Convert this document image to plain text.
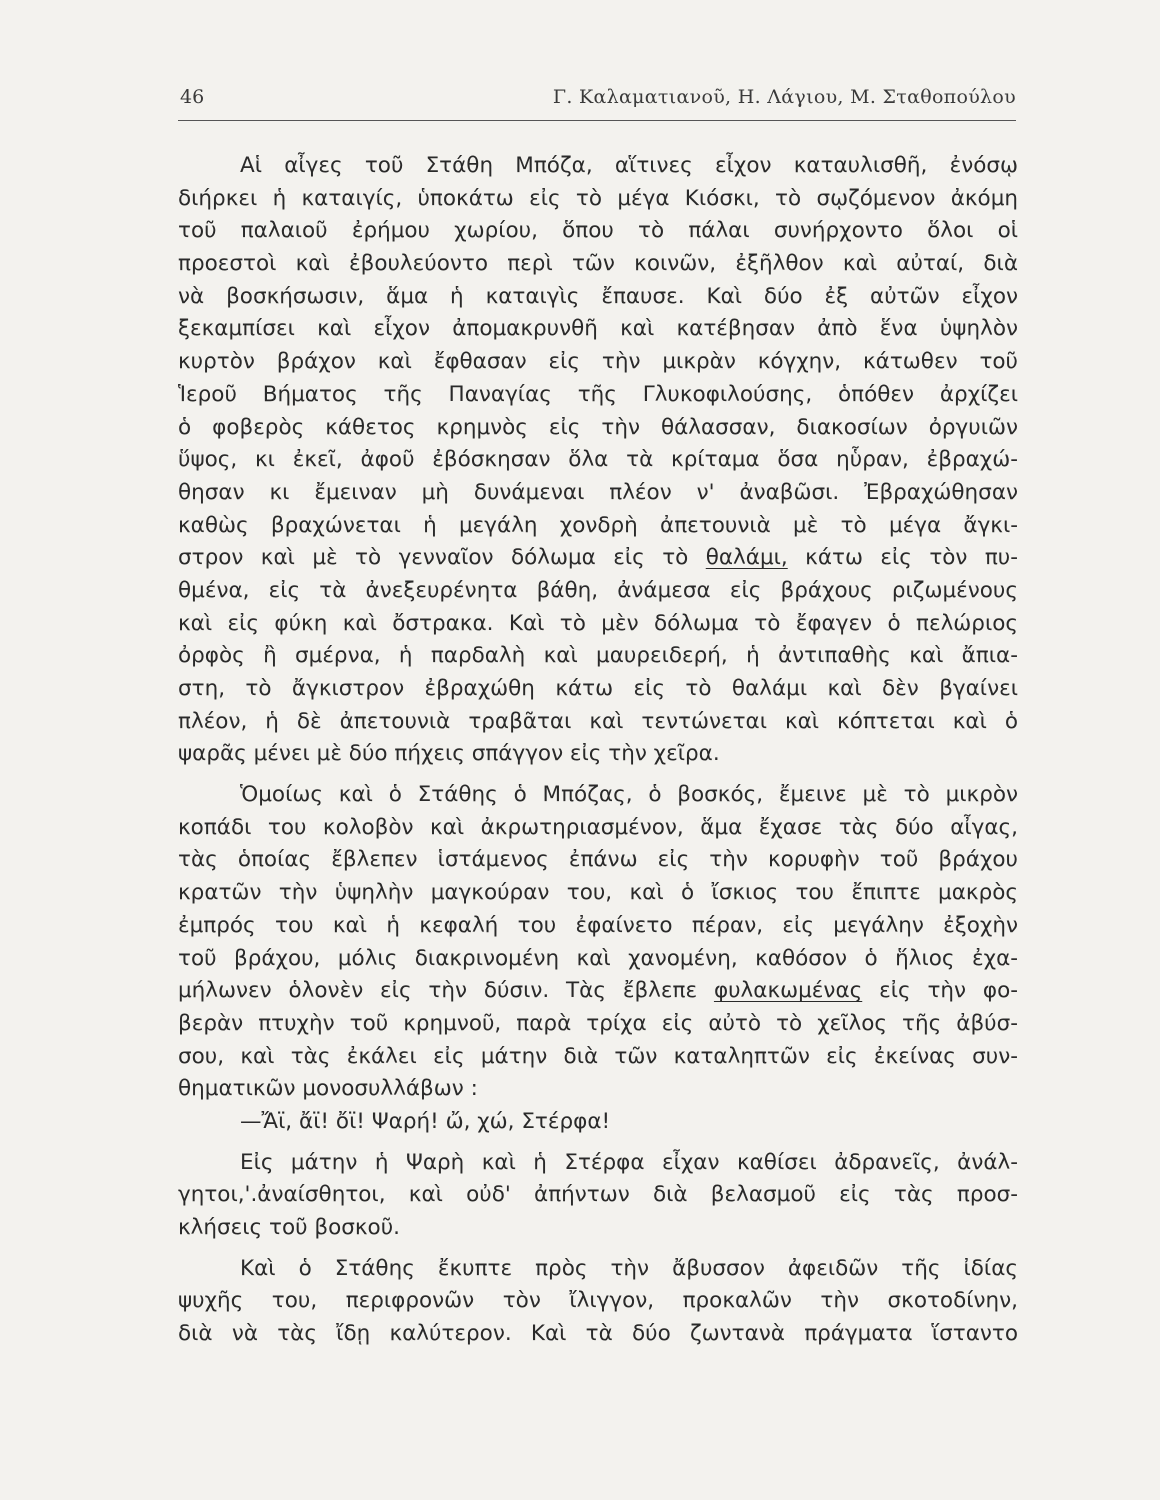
46	Γ. Καλαματιανοῦ, Η. Λάγιου, Μ. Σταθοπούλου
Αἱ αἶγες τοῦ Στάθη Μπόζα, αἵτινες εἶχον καταυλισθῆ, ἐνόσῳ
διήρκει ἡ καταιγίς, ὑποκάτω εἰς τὸ μέγα Κιόσκι, τὸ σῳζόμενον ἀκόμη
τοῦ παλαιοῦ ἐρήμου χωρίου, ὅπου τὸ πάλαι συνήρχοντο ὅλοι οἱ
προεστοὶ καὶ ἐβουλεύοντο περὶ τῶν κοινῶν, ἐξῆλθον καὶ αὐταί, διὰ
νὰ βοσκήσωσιν, ἅμα ἡ καταιγὶς ἔπαυσε. Καὶ δύο ἐξ αὐτῶν εἶχον
ξεκαμπίσει καὶ εἶχον ἀπομακρυνθῆ καὶ κατέβησαν ἀπὸ ἕνα ὑψηλὸν
κυρτὸν βράχον καὶ ἔφθασαν εἰς τὴν μικρὰν κόγχην, κάτωθεν τοῦ
Ἱεροῦ Βήματος τῆς Παναγίας τῆς Γλυκοφιλούσης, ὁπόθεν ἀρχίζει
ὁ φοβερὸς κάθετος κρημνὸς εἰς τὴν θάλασσαν, διακοσίων ὀργυιῶν
ὕψος, κι ἐκεῖ, ἀφοῦ ἐβόσκησαν ὅλα τὰ κρίταμα ὅσα ηὗραν, ἐβραχώ-
θησαν κι ἔμειναν μὴ δυνάμεναι πλέον ν' ἀναβῶσι. Ἐβραχώθησαν
καθὼς βραχώνεται ἡ μεγάλη χονδρὴ ἀπετουνιὰ μὲ τὸ μέγα ἄγκι-
στρον καὶ μὲ τὸ γενναῖον δόλωμα εἰς τὸ θαλάμι, κάτω εἰς τὸν πυ-
θμένα, εἰς τὰ ἀνεξευρένητα βάθη, ἀνάμεσα εἰς βράχους ριζωμένους
καὶ εἰς φύκη καὶ ὄστρακα. Καὶ τὸ μὲν δόλωμα τὸ ἔφαγεν ὁ πελώριος
ὀρφὸς ἢ σμέρνα, ἡ παρδαλὴ καὶ μαυρειδερή, ἡ ἀντιπαθὴς καὶ ἄπια-
στη, τὸ ἄγκιστρον ἐβραχώθη κάτω εἰς τὸ θαλάμι καὶ δὲν βγαίνει
πλέον, ἡ δὲ ἀπετουνιὰ τραβᾶται καὶ τεντώνεται καὶ κόπτεται καὶ ὁ
ψαρᾶς μένει μὲ δύο πήχεις σπάγγον εἰς τὴν χεῖρα.
Ὁμοίως καὶ ὁ Στάθης ὁ Μπόζας, ὁ βοσκός, ἔμεινε μὲ τὸ μικρὸν
κοπάδι του κολοβὸν καὶ ἀκρωτηριασμένον, ἅμα ἔχασε τὰς δύο αἶγας,
τὰς ὁποίας ἔβλεπεν ἱστάμενος ἐπάνω εἰς τὴν κορυφὴν τοῦ βράχου
κρατῶν τὴν ὑψηλὴν μαγκούραν του, καὶ ὁ ἴσκιος του ἔπιπτε μακρὸς
ἐμπρός του καὶ ἡ κεφαλή του ἐφαίνετο πέραν, εἰς μεγάλην ἐξοχὴν
τοῦ βράχου, μόλις διακρινομένη καὶ χανομένη, καθόσον ὁ ἥλιος ἐχα-
μήλωνεν ὁλονὲν εἰς τὴν δύσιν. Τὰς ἔβλεπε φυλακωμένας εἰς τὴν φο-
βερὰν πτυχὴν τοῦ κρημνοῦ, παρὰ τρίχα εἰς αὐτὸ τὸ χεῖλος τῆς ἀβύσ-
σου, καὶ τὰς ἐκάλει εἰς μάτην διὰ τῶν καταληπτῶν εἰς ἐκείνας συν-
θηματικῶν μονοσυλλάβων :
—Ἄϊ, ἄϊ! ὄϊ! Ψαρή! ὤ, χώ, Στέρφα!
Εἰς μάτην ἡ Ψαρὴ καὶ ἡ Στέρφα εἶχαν καθίσει ἀδρανεῖς, ἀνάλ-
γητοι,'.ἀναίσθητοι, καὶ οὐδ' ἀπήντων διὰ βελασμοῦ εἰς τὰς προσ-
κλήσεις τοῦ βοσκοῦ.
Καὶ ὁ Στάθης ἔκυπτε πρὸς τὴν ἄβυσσον ἀφειδῶν τῆς ἰδίας
ψυχῆς του, περιφρονῶν τὸν ἴλιγγον, προκαλῶν τὴν σκοτοδίνην,
διὰ νὰ τὰς ἴδῃ καλύτερον. Καὶ τὰ δύο ζωντανὰ πράγματα ἵσταντο
